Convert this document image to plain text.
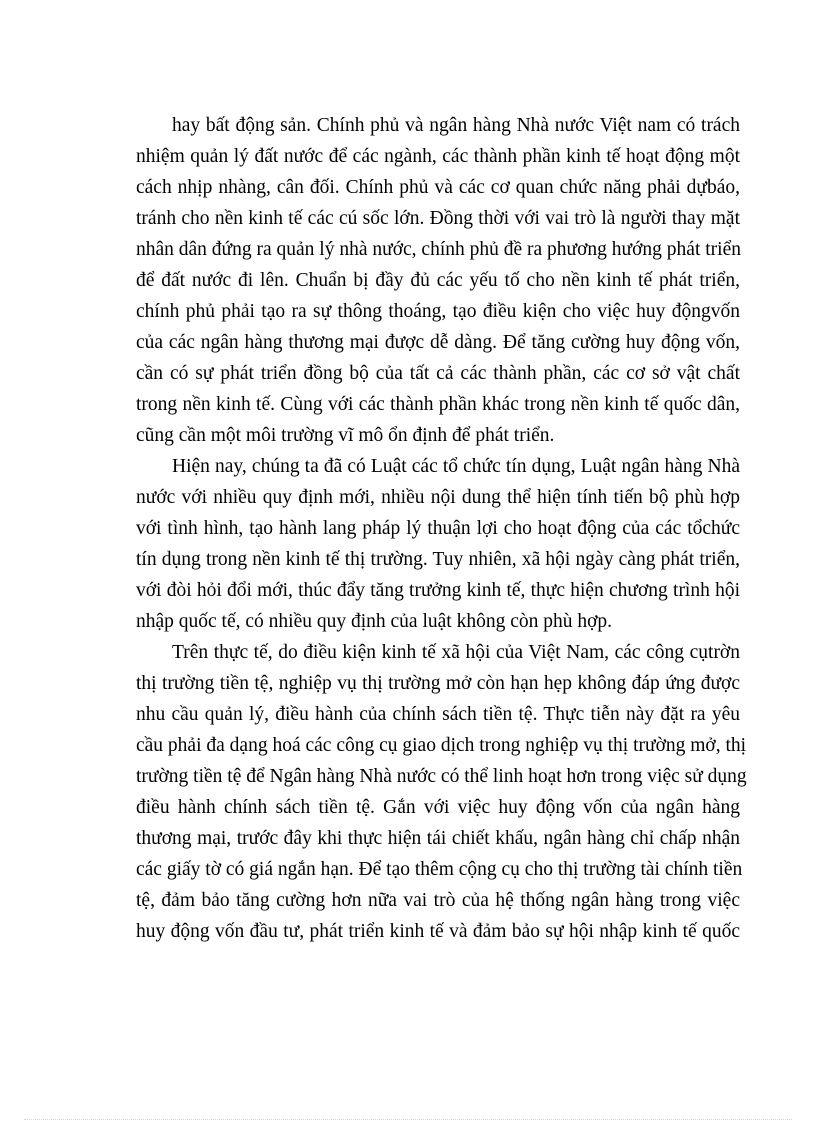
hay bất động sản. Chính phủ và ngân hàng Nhà nước Việt nam có trách
nhiệm quản lý đất nước để các ngành, các thành phần kinh tế hoạt động một
cách nhịp nhàng, cân đối. Chính phủ và các cơ quan chức năng phải dựbáo,
tránh cho nền kinh tế các cú sốc lớn. Đồng thời với vai trò là người thay mặt
nhân dân đứng ra quản lý nhà nước, chính phủ đề ra phương hướng phát triển
để đất nước đi lên. Chuẩn bị đầy đủ các yếu tố cho nền kinh tế phát triển,
chính phủ phải tạo ra sự thông thoáng, tạo điều kiện cho việc huy độngvốn
của các ngân hàng thương mại được dễ dàng. Để tăng cường huy động vốn,
cần có sự phát triển đồng bộ của tất cả các thành phần, các cơ sở vật chất
trong nền kinh tế. Cùng với các thành phần khác trong nền kinh tế quốc dân,
cũng cần một môi trường vĩ mô ổn định để phát triển.
Hiện nay, chúng ta đã có Luật các tổ chức tín dụng, Luật ngân hàng Nhà
nước với nhiều quy định mới, nhiều nội dung thể hiện tính tiến bộ phù hợp
với tình hình, tạo hành lang pháp lý thuận lợi cho hoạt động của các tổchức
tín dụng trong nền kinh tế thị trường. Tuy nhiên, xã hội ngày càng phát triển,
với đòi hỏi đổi mới, thúc đẩy tăng trưởng kinh tế, thực hiện chương trình hội
nhập quốc tế, có nhiều quy định của luật không còn phù hợp.
Trên thực tế, do điều kiện kinh tế xã hội của Việt Nam, các công cụtrờn
thị trường tiền tệ, nghiệp vụ thị trường mở còn hạn hẹp không đáp ứng được
nhu cầu quản lý, điều hành của chính sách tiền tệ. Thực tiễn này đặt ra yêu
cầu phải đa dạng hoá các công cụ giao dịch trong nghiệp vụ thị trường mở, thị
trường tiền tệ để Ngân hàng Nhà nước có thể linh hoạt hơn trong việc sử dụng
điều hành chính sách tiền tệ. Gắn với việc huy động vốn của ngân hàng
thương mại, trước đây khi thực hiện tái chiết khấu, ngân hàng chỉ chấp nhận
các giấy tờ có giá ngắn hạn. Để tạo thêm cộng cụ cho thị trường tài chính tiền
tệ, đảm bảo tăng cường hơn nữa vai trò của hệ thống ngân hàng trong việc
huy động vốn đầu tư, phát triển kinh tế và đảm bảo sự hội nhập kinh tế quốc
